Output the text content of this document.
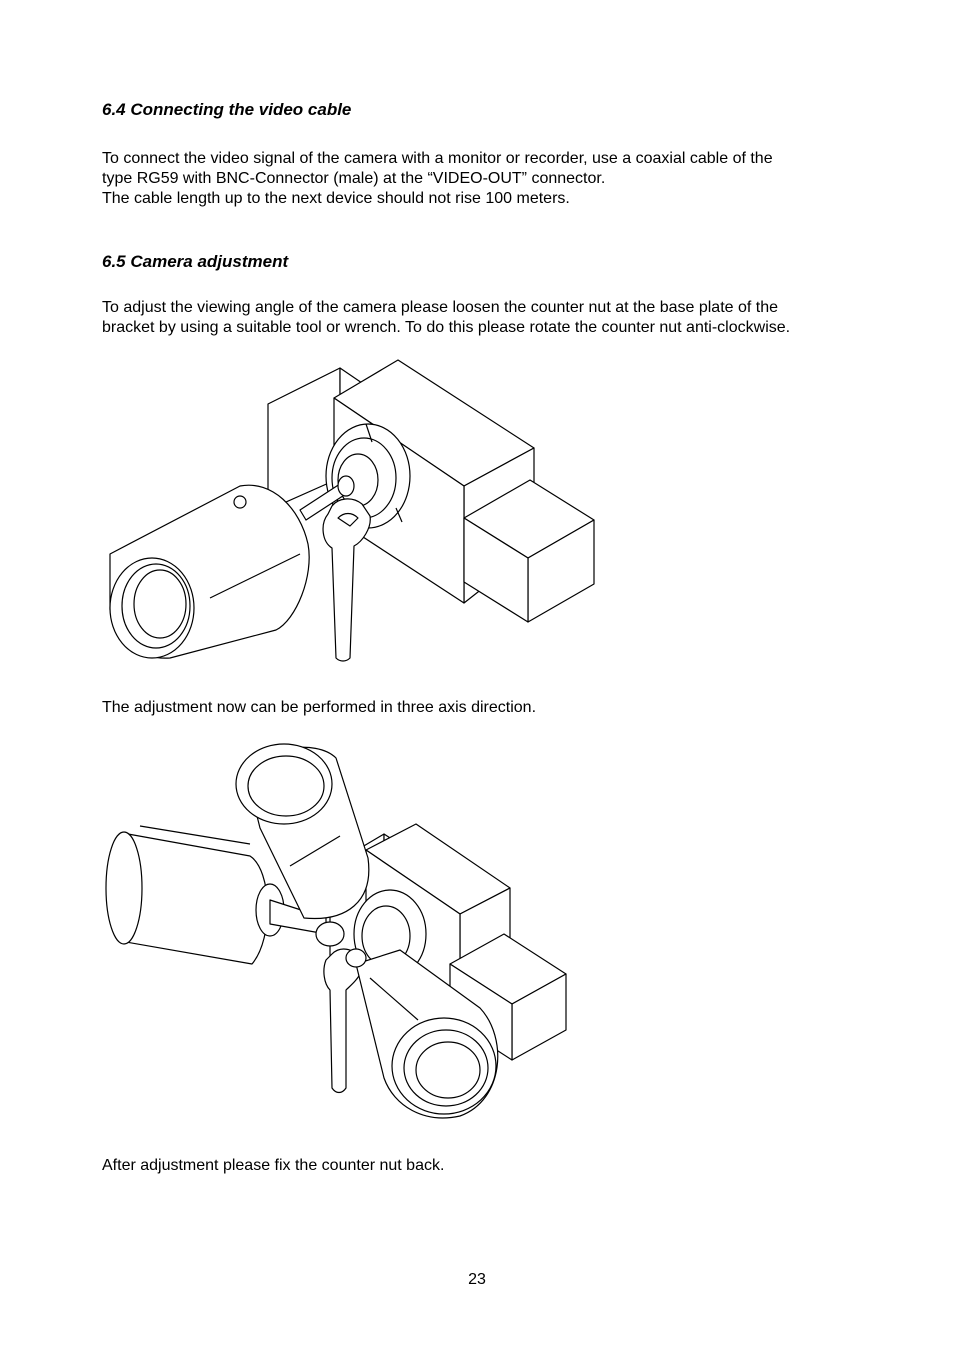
6.4 Connecting the video cable

To connect the video signal of the camera with a monitor or recorder, use a coaxial cable of the
type RG59 with BNC-Connector (male) at the “VIDEO-OUT” connector.
The cable length up to the next device should not rise 100 meters.

6.5 Camera adjustment

To adjust the viewing angle of the camera please loosen the counter nut at the base plate of the
bracket by using a suitable tool or wrench. To do this please rotate the counter nut anti-clockwise.

The adjustment now can be performed in three axis direction.

After adjustment please fix the counter nut back.

23
